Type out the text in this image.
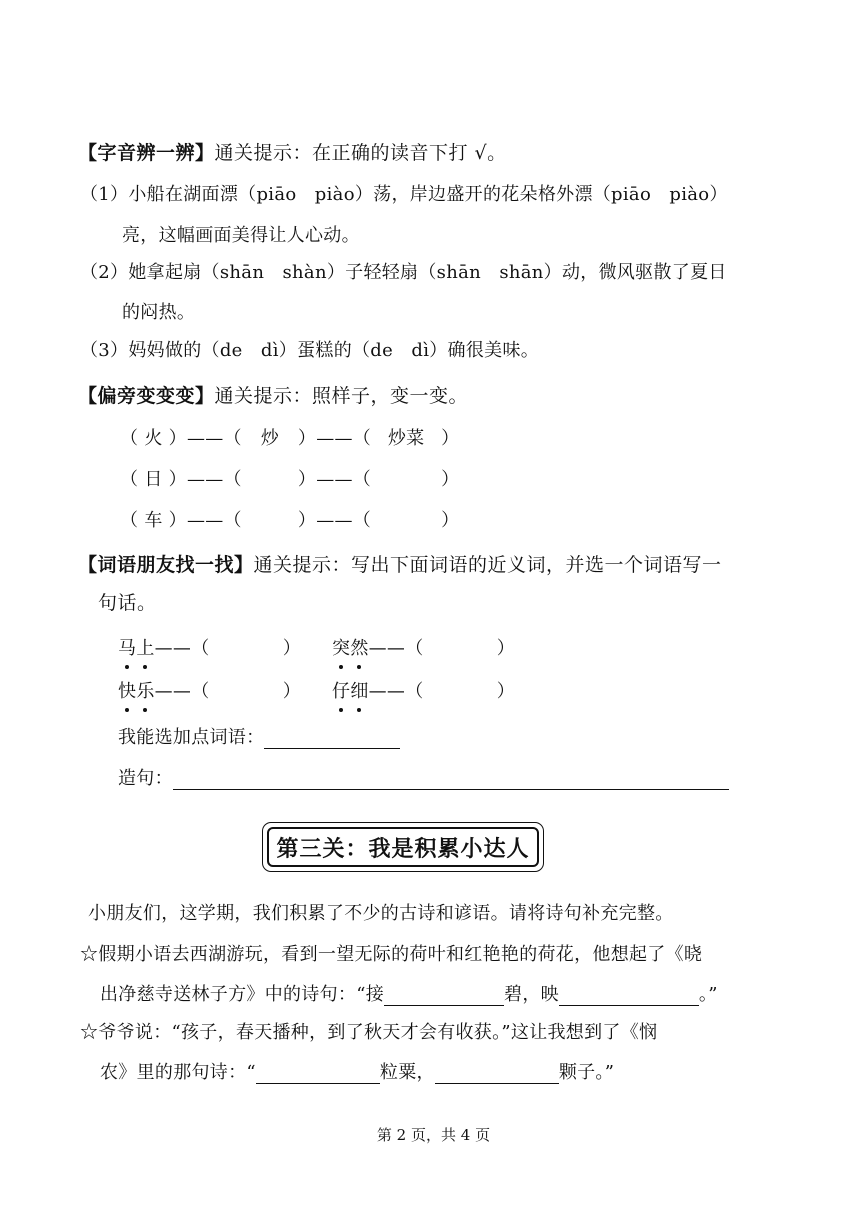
【字音辨一辨】通关提示：在正确的读音下打 √。
（1）小船在湖面漂（piāo　piào）荡，岸边盛开的花朵格外漂（piāo　piào）
亮，这幅画面美得让人心动。
（2）她拿起扇（shān　shàn）子轻轻扇（shān　shān）动，微风驱散了夏日
的闷热。
（3）妈妈做的（de　dì）蛋糕的（de　dì）确很美味。
【偏旁变变变】通关提示：照样子，变一变。
（ 火 ）——（ 炒 ）——（ 炒菜 ）
（ 日 ）——（	）——（	）
（ 车 ）——（	）——（	）
【词语朋友找一找】通关提示：写出下面词语的近义词，并选一个词语写一
句话。
马上——（　　　　） 突然——（　　　　）
快乐——（　　　　） 仔细——（　　　　）
我能选加点词语：
造句：
第三关：我是积累小达人
小朋友们，这学期，我们积累了不少的古诗和谚语。请将诗句补充完整。
☆假期小语去西湖游玩，看到一望无际的荷叶和红艳艳的荷花，他想起了《晓
出净慈寺送林子方》中的诗句：“接	碧，映	。”
☆爷爷说：“孩子，春天播种，到了秋天才会有收获。”这让我想到了《悯
农》里的那句诗：“	粒粟，	颗子。”
第 2 页，共 4 页
